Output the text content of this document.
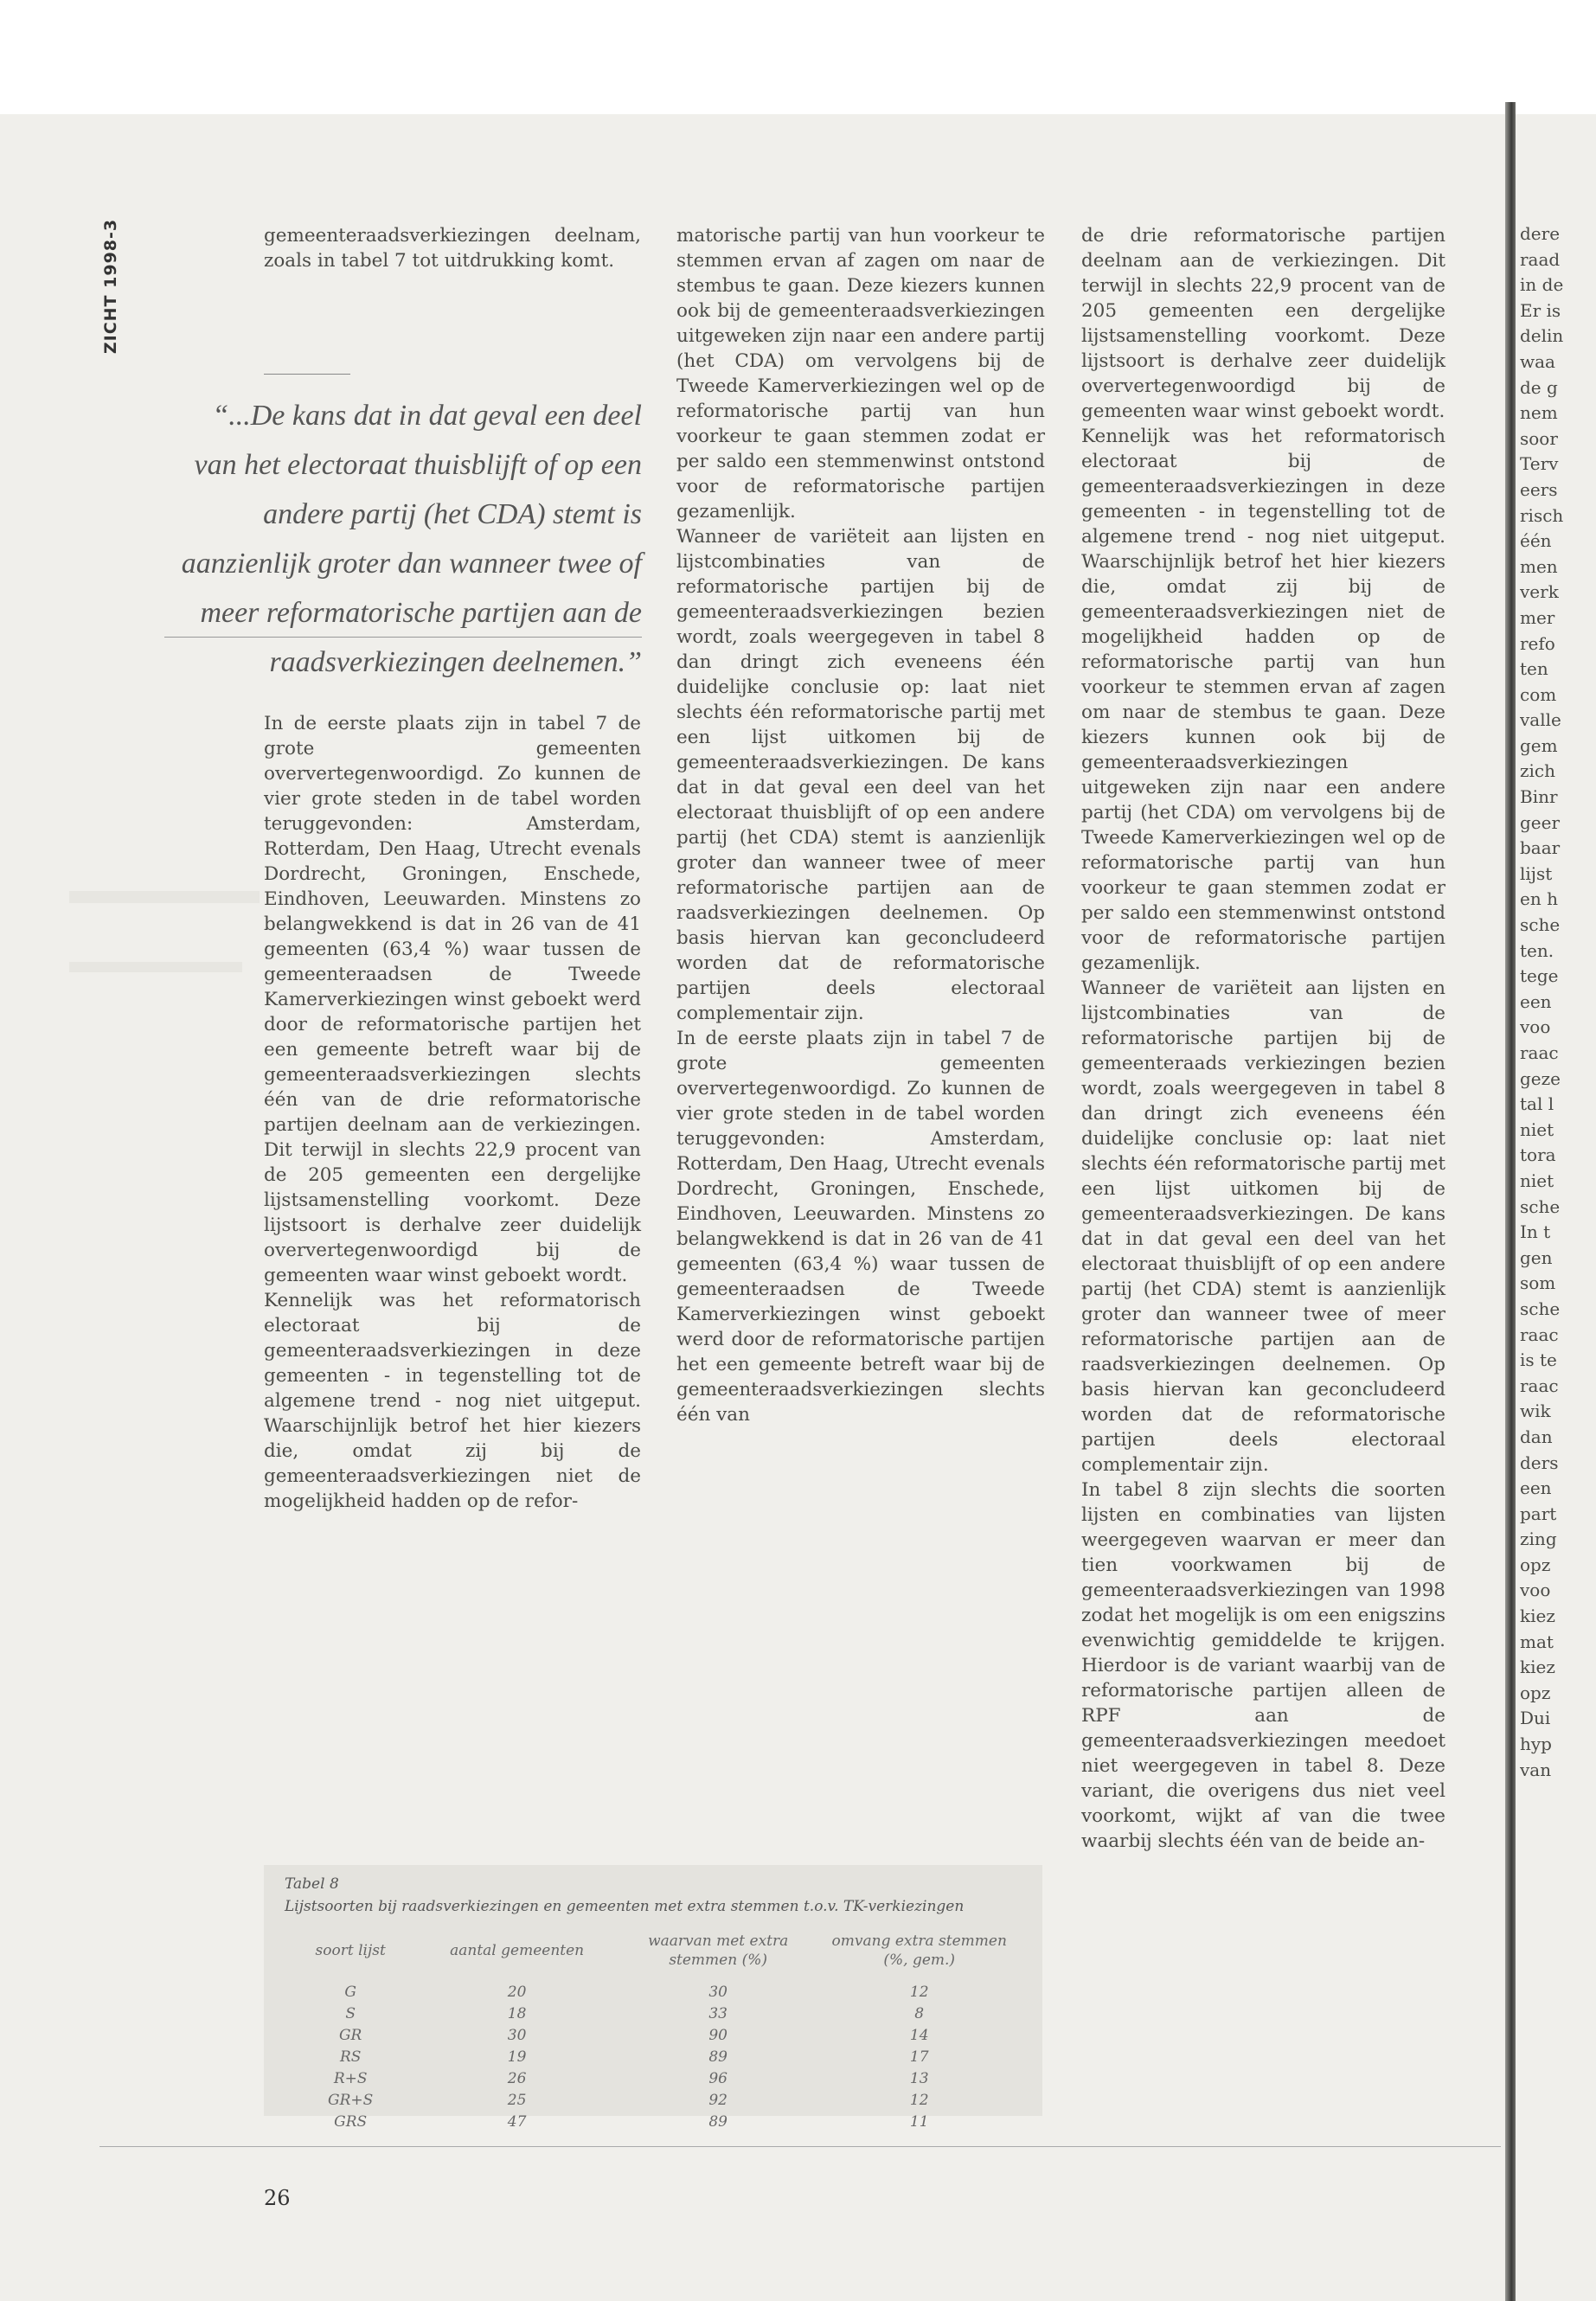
ZICHT 1998-3	gemeenteraadsverkiezingen deelnam, zoals in tabel 7 tot uitdrukking komt.

“...De kans dat in dat geval een deel van het electoraat thuisblijft of op een andere partij (het CDA) stemt is aanzienlijk groter dan wanneer twee of meer reformatorische partijen aan de raadsverkiezingen deelnemen.”

In de eerste plaats zijn in tabel 7 de grote gemeenten oververtegenwoordigd. Zo kunnen de vier grote steden in de tabel worden teruggevonden: Amsterdam, Rotterdam, Den Haag, Utrecht evenals Dordrecht, Groningen, Enschede, Eindhoven, Leeuwarden. Minstens zo belangwekkend is dat in 26 van de 41 gemeenten (63,4 %) waar tussen de gemeenteraadsen de Tweede Kamerverkiezingen winst geboekt werd door de reformatorische partijen het een gemeente betreft waar bij de gemeenteraadsverkiezingen slechts één van de drie reformatorische partijen deelnam aan de verkiezingen. Dit terwijl in slechts 22,9 procent van de 205 gemeenten een dergelijke lijstsamenstelling voorkomt. Deze lijstsoort is derhalve zeer duidelijk oververtegenwoordigd bij de gemeenten waar winst geboekt wordt.

Kennelijk was het reformatorisch electoraat bij de gemeenteraadsverkiezingen in deze gemeenten - in tegenstelling tot de algemene trend - nog niet uitgeput. Waarschijnlijk betrof het hier kiezers die, omdat zij bij de gemeenteraadsverkiezingen niet de mogelijkheid hadden op de refor-

matorische partij van hun voorkeur te stemmen ervan af zagen om naar de stembus te gaan. Deze kiezers kunnen ook bij de gemeenteraadsverkiezingen uitgeweken zijn naar een andere partij (het CDA) om vervolgens bij de Tweede Kamerverkiezingen wel op de reformatorische partij van hun voorkeur te gaan stemmen zodat er per saldo een stemmenwinst ontstond voor de reformatorische partijen gezamenlijk.

Wanneer de variëteit aan lijsten en lijstcombinaties van de reformatorische partijen bij de gemeenteraadsverkiezingen bezien wordt, zoals weergegeven in tabel 8 dan dringt zich eveneens één duidelijke conclusie op: laat niet slechts één reformatorische partij met een lijst uitkomen bij de gemeenteraadsverkiezingen. De kans dat in dat geval een deel van het electoraat thuisblijft of op een andere partij (het CDA) stemt is aanzienlijk groter dan wanneer twee of meer reformatorische partijen aan de raadsverkiezingen deelnemen. Op basis hiervan kan geconcludeerd worden dat de reformatorische partijen deels electoraal complementair zijn.

In de eerste plaats zijn in tabel 7 de grote gemeenten oververtegenwoordigd. Zo kunnen de vier grote steden in de tabel worden teruggevonden: Amsterdam, Rotterdam, Den Haag, Utrecht evenals Dordrecht, Groningen, Enschede, Eindhoven, Leeuwarden. Minstens zo belangwekkend is dat in 26 van de 41 gemeenten (63,4 %) waar tussen de gemeenteraadsen de Tweede Kamerverkiezingen winst geboekt werd door de reformatorische partijen het een gemeente betreft waar bij de gemeenteraadsverkiezingen slechts één van

de drie reformatorische partijen deelnam aan de verkiezingen. Dit terwijl in slechts 22,9 procent van de 205 gemeenten een dergelijke lijstsamenstelling voorkomt. Deze lijstsoort is derhalve zeer duidelijk oververtegenwoordigd bij de gemeenten waar winst geboekt wordt.

Kennelijk was het reformatorisch electoraat bij de gemeenteraadsverkiezingen in deze gemeenten - in tegenstelling tot de algemene trend - nog niet uitgeput. Waarschijnlijk betrof het hier kiezers die, omdat zij bij de gemeenteraadsverkiezingen niet de mogelijkheid hadden op de reformatorische partij van hun voorkeur te stemmen ervan af zagen om naar de stembus te gaan. Deze kiezers kunnen ook bij de gemeenteraadsverkiezingen uitgeweken zijn naar een andere partij (het CDA) om vervolgens bij de Tweede Kamerverkiezingen wel op de reformatorische partij van hun voorkeur te gaan stemmen zodat er per saldo een stemmenwinst ontstond voor de reformatorische partijen gezamenlijk.

Wanneer de variëteit aan lijsten en lijstcombinaties van de reformatorische partijen bij de gemeenteraads verkiezingen bezien wordt, zoals weergegeven in tabel 8 dan dringt zich eveneens één duidelijke conclusie op: laat niet slechts één reformatorische partij met een lijst uitkomen bij de gemeenteraadsverkiezingen. De kans dat in dat geval een deel van het electoraat thuisblijft of op een andere partij (het CDA) stemt is aanzienlijk groter dan wanneer twee of meer reformatorische partijen aan de raadsverkiezingen deelnemen. Op basis hiervan kan geconcludeerd worden dat de reformatorische partijen deels electoraal complementair zijn.

In tabel 8 zijn slechts die soorten lijsten en combinaties van lijsten weergegeven waarvan er meer dan tien voorkwamen bij de gemeenteraadsverkiezingen van 1998 zodat het mogelijk is om een enigszins evenwichtig gemiddelde te krijgen. Hierdoor is de variant waarbij van de reformatorische partijen alleen de RPF aan de gemeenteraadsverkiezingen meedoet niet weergegeven in tabel 8. Deze variant, die overigens dus niet veel voorkomt, wijkt af van die twee waarbij slechts één van de beide an-

Tabel 8
Lijstsoorten bij raadsverkiezingen en gemeenten met extra stemmen t.o.v. TK-verkiezingen
soort lijst	aantal gemeenten	waarvan met extra stemmen (%)	omvang extra stemmen (%, gem.)
G	20	30	12
S	18	33	8
GR	30	90	14
RS	19	89	17
R+S	26	96	13
GR+S	25	92	12
GRS	47	89	11
26
dere
raad
in de
Er is
delin
waa
de g
nem
soor
Terv
eers
risch
één
men
verk
mer
refo
ten
com
valle
gem
zich
Binr
geer
baar
lijst
en h
sche
ten.
tege
een
voo
raac
geze
tal l
niet
tora
niet
sche
In t
gen
som
sche
raac
is te
raac
wik
dan
ders
een
part
zing
opz
voo
kiez
mat
kiez
opz
Dui
hyp
van
